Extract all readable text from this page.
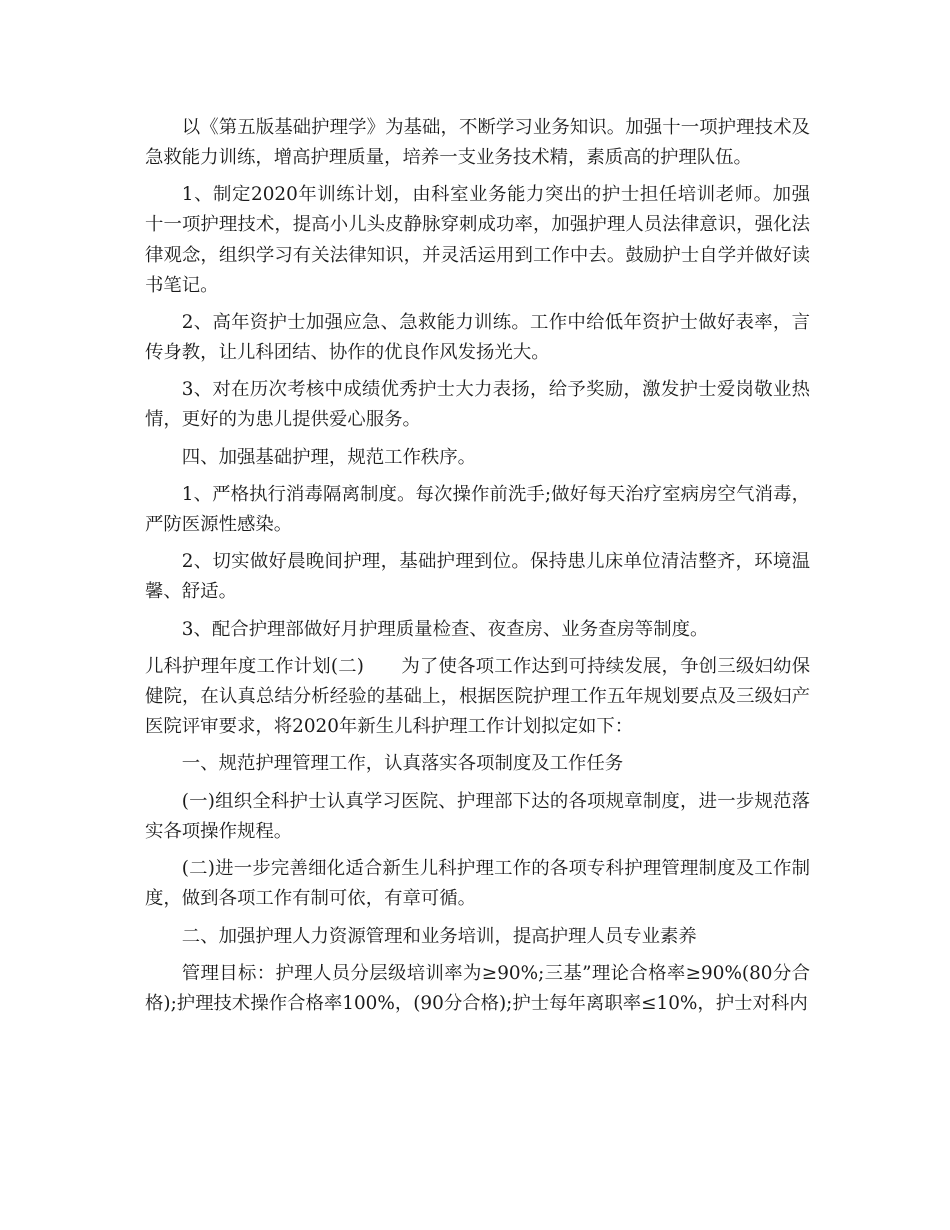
以《第五版基础护理学》为基础，不断学习业务知识。加强十一项护理技术及急救能力训练，增高护理质量，培养一支业务技术精，素质高的护理队伍。

1、制定2020年训练计划，由科室业务能力突出的护士担任培训老师。加强十一项护理技术，提高小儿头皮静脉穿刺成功率，加强护理人员法律意识，强化法律观念，组织学习有关法律知识，并灵活运用到工作中去。鼓励护士自学并做好读书笔记。

2、高年资护士加强应急、急救能力训练。工作中给低年资护士做好表率，言传身教，让儿科团结、协作的优良作风发扬光大。

3、对在历次考核中成绩优秀护士大力表扬，给予奖励，激发护士爱岗敬业热情，更好的为患儿提供爱心服务。

四、加强基础护理，规范工作秩序。

1、严格执行消毒隔离制度。每次操作前洗手;做好每天治疗室病房空气消毒，严防医源性感染。

2、切实做好晨晚间护理，基础护理到位。保持患儿床单位清洁整齐，环境温馨、舒适。

3、配合护理部做好月护理质量检查、夜查房、业务查房等制度。

儿科护理年度工作计划(二)　　为了使各项工作达到可持续发展，争创三级妇幼保健院，在认真总结分析经验的基础上，根据医院护理工作五年规划要点及三级妇产医院评审要求，将2020年新生儿科护理工作计划拟定如下：

一、规范护理管理工作，认真落实各项制度及工作任务

(一)组织全科护士认真学习医院、护理部下达的各项规章制度，进一步规范落实各项操作规程。

(二)进一步完善细化适合新生儿科护理工作的各项专科护理管理制度及工作制度，做到各项工作有制可依，有章可循。

二、加强护理人力资源管理和业务培训，提高护理人员专业素养

管理目标：护理人员分层级培训率为≥90%;三基”理论合格率≥90%(80分合格);护理技术操作合格率100%，(90分合格);护士每年离职率≤10%，护士对科内
